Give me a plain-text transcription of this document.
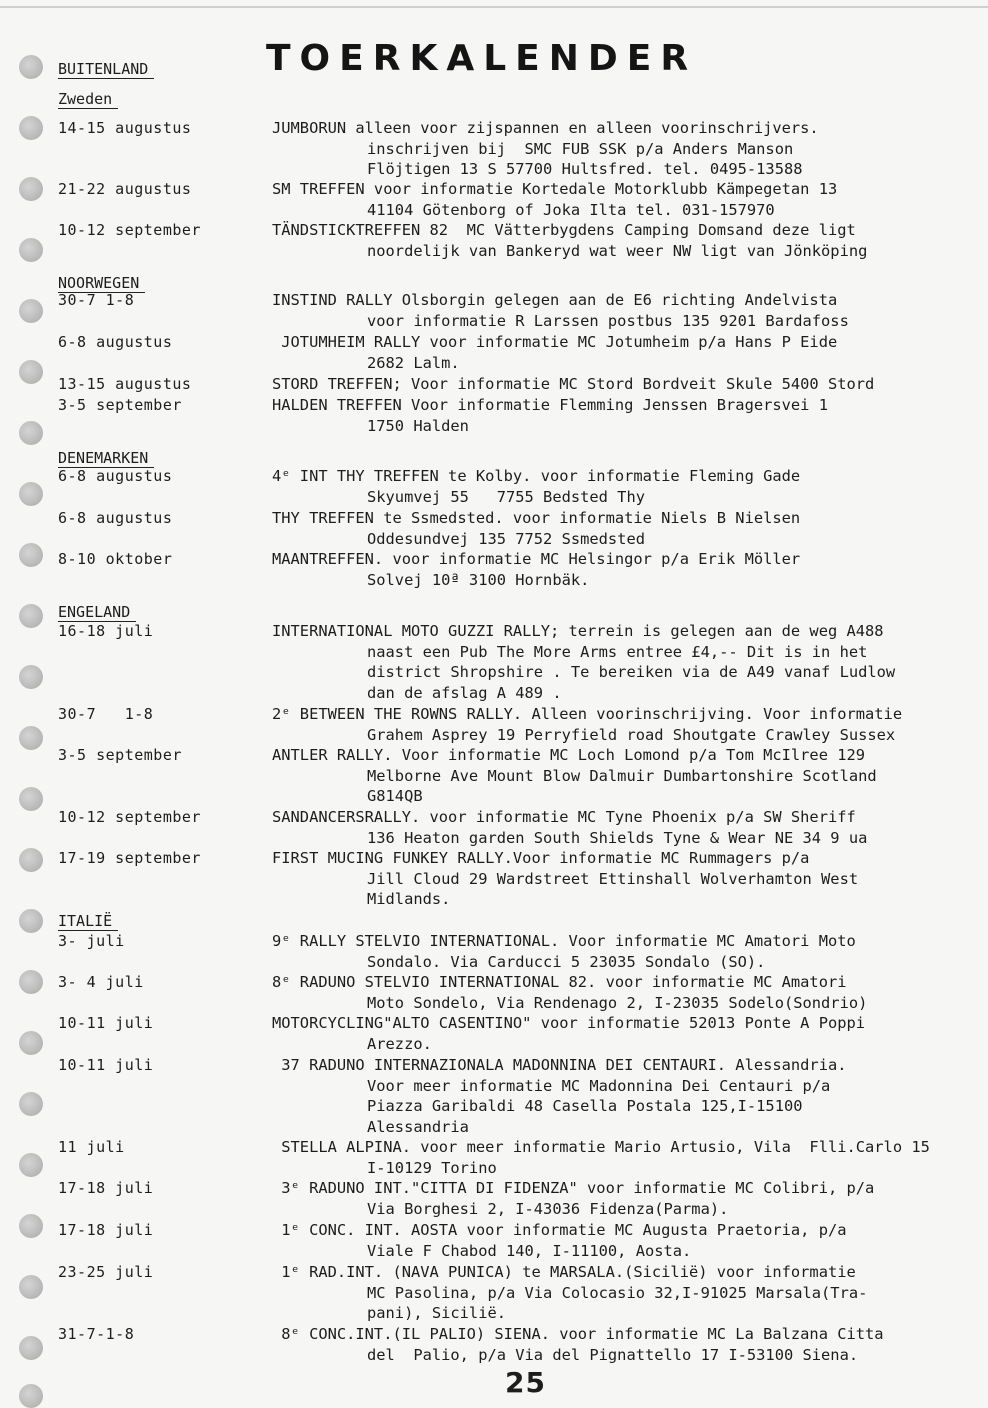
TOERKALENDER
BUITENLAND
Zweden
NOORWEGEN
DENEMARKEN
ENGELAND
ITALIË
14-15 augustus	JUMBORUN alleen voor zijspannen en alleen voorinschrijvers.

inschrijven bij  SMC FUB SSK p/a Anders Manson

Flöjtigen 13 S 57700 Hultsfred. tel. 0495-13588

21-22 augustus	SM TREFFEN voor informatie Kortedale Motorklubb Kämpegetan 13

41104 Götenborg of Joka Ilta tel. 031-157970

10-12 september	TÄNDSTICKTREFFEN 82  MC Vätterbygdens Camping Domsand deze ligt

noordelijk van Bankeryd wat weer NW ligt van Jönköping

30-7 1-8	INSTIND RALLY Olsborgin gelegen aan de E6 richting Andelvista

voor informatie R Larssen postbus 135 9201 Bardafoss

6-8 augustus	JOTUMHEIM RALLY voor informatie MC Jotumheim p/a Hans P Eide

2682 Lalm.

13-15 augustus	STORD TREFFEN; Voor informatie MC Stord Bordveit Skule 5400 Stord

3-5 september	HALDEN TREFFEN Voor informatie Flemming Jenssen Bragersvei 1

1750 Halden

6-8 augustus	4ᵉ INT THY TREFFEN te Kolby. voor informatie Fleming Gade

Skyumvej 55   7755 Bedsted Thy

6-8 augustus	THY TREFFEN te Ssmedsted. voor informatie Niels B Nielsen

Oddesundvej 135 7752 Ssmedsted

8-10 oktober	MAANTREFFEN. voor informatie MC Helsingor p/a Erik Möller

Solvej 10ª 3100 Hornbäk.

16-18 juli	INTERNATIONAL MOTO GUZZI RALLY; terrein is gelegen aan de weg A488

naast een Pub The More Arms entree £4,-- Dit is in het

district Shropshire . Te bereiken via de A49 vanaf Ludlow

dan de afslag A 489 .

30-7   1-8	2ᵉ BETWEEN THE ROWNS RALLY. Alleen voorinschrijving. Voor informatie

Grahem Asprey 19 Perryfield road Shoutgate Crawley Sussex

3-5 september	ANTLER RALLY. Voor informatie MC Loch Lomond p/a Tom McIlree 129

Melborne Ave Mount Blow Dalmuir Dumbartonshire Scotland

G814QB

10-12 september	SANDANCERSRALLY. voor informatie MC Tyne Phoenix p/a SW Sheriff

136 Heaton garden South Shields Tyne & Wear NE 34 9 ua

17-19 september	FIRST MUCING FUNKEY RALLY.Voor informatie MC Rummagers p/a

Jill Cloud 29 Wardstreet Ettinshall Wolverhamton West

Midlands.

3- juli	9ᵉ RALLY STELVIO INTERNATIONAL. Voor informatie MC Amatori Moto

Sondalo. Via Carducci 5 23035 Sondalo (SO).

3- 4 juli	8ᵉ RADUNO STELVIO INTERNATIONAL 82. voor informatie MC Amatori

Moto Sondelo, Via Rendenago 2, I-23035 Sodelo(Sondrio)

10-11 juli	MOTORCYCLING"ALTO CASENTINO" voor informatie 52013 Ponte A Poppi

Arezzo.

10-11 juli	37 RADUNO INTERNAZIONALA MADONNINA DEI CENTAURI. Alessandria.

Voor meer informatie MC Madonnina Dei Centauri p/a

Piazza Garibaldi 48 Casella Postala 125,I-15100

Alessandria

11 juli	STELLA ALPINA. voor meer informatie Mario Artusio, Vila  Flli.Carlo 15

I-10129 Torino

17-18 juli	3ᵉ RADUNO INT."CITTA DI FIDENZA" voor informatie MC Colibri, p/a

Via Borghesi 2, I-43036 Fidenza(Parma).

17-18 juli	1ᵉ CONC. INT. AOSTA voor informatie MC Augusta Praetoria, p/a

Viale F Chabod 140, I-11100, Aosta.

23-25 juli	1ᵉ RAD.INT. (NAVA PUNICA) te MARSALA.(Sicilië) voor informatie

MC Pasolina, p/a Via Colocasio 32,I-91025 Marsala(Tra-

pani), Sicilië.

31-7-1-8	8ᵉ CONC.INT.(IL PALIO) SIENA. voor informatie MC La Balzana Citta

del  Palio, p/a Via del Pignattello 17 I-53100 Siena.

25
